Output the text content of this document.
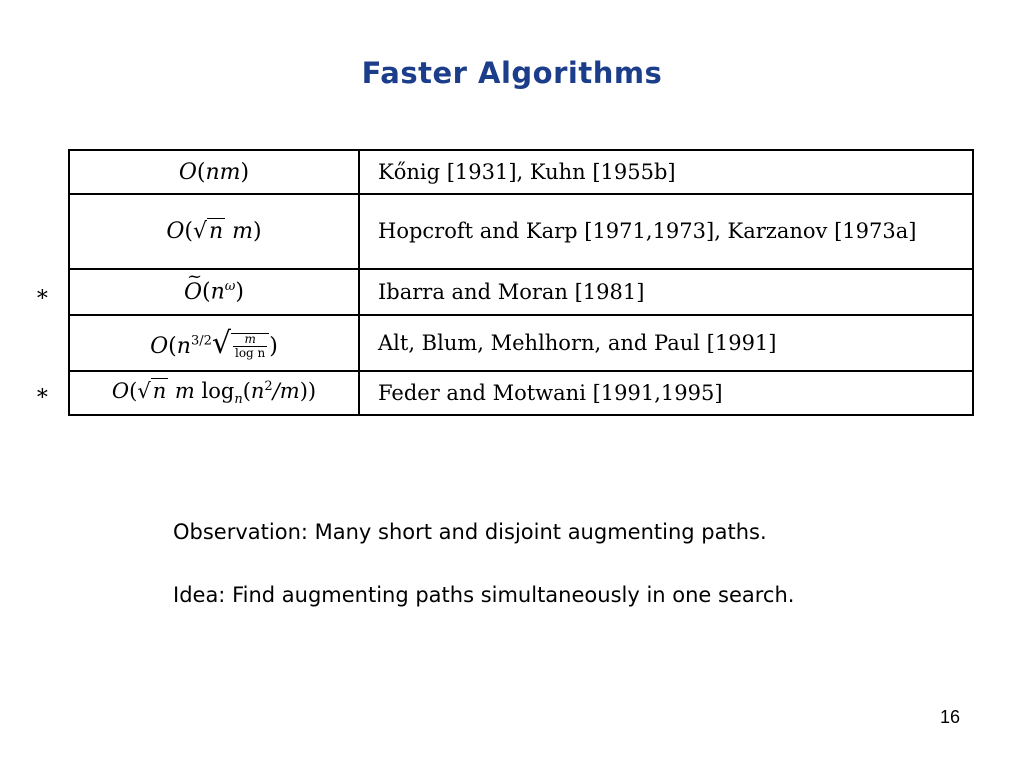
Faster Algorithms
∗
∗
O(nm)	Kőnig [1931], Kuhn [1955b]
O(√n m)	Hopcroft and Karp [1971,1973], Karzanov [1973a]
~ $O(n^\omega)$	Ibarra and Moran [1981]
$O(n^{3/2}√ \frac{m}{\text{log n}}$ )	Alt, Blum, Mehlhorn, and Paul [1991]
O(√n m $\log_n(n^2/m)$)	Feder and Motwani [1991,1995]
Observation: Many short and disjoint augmenting paths.
Idea: Find augmenting paths simultaneously in one search.
16
